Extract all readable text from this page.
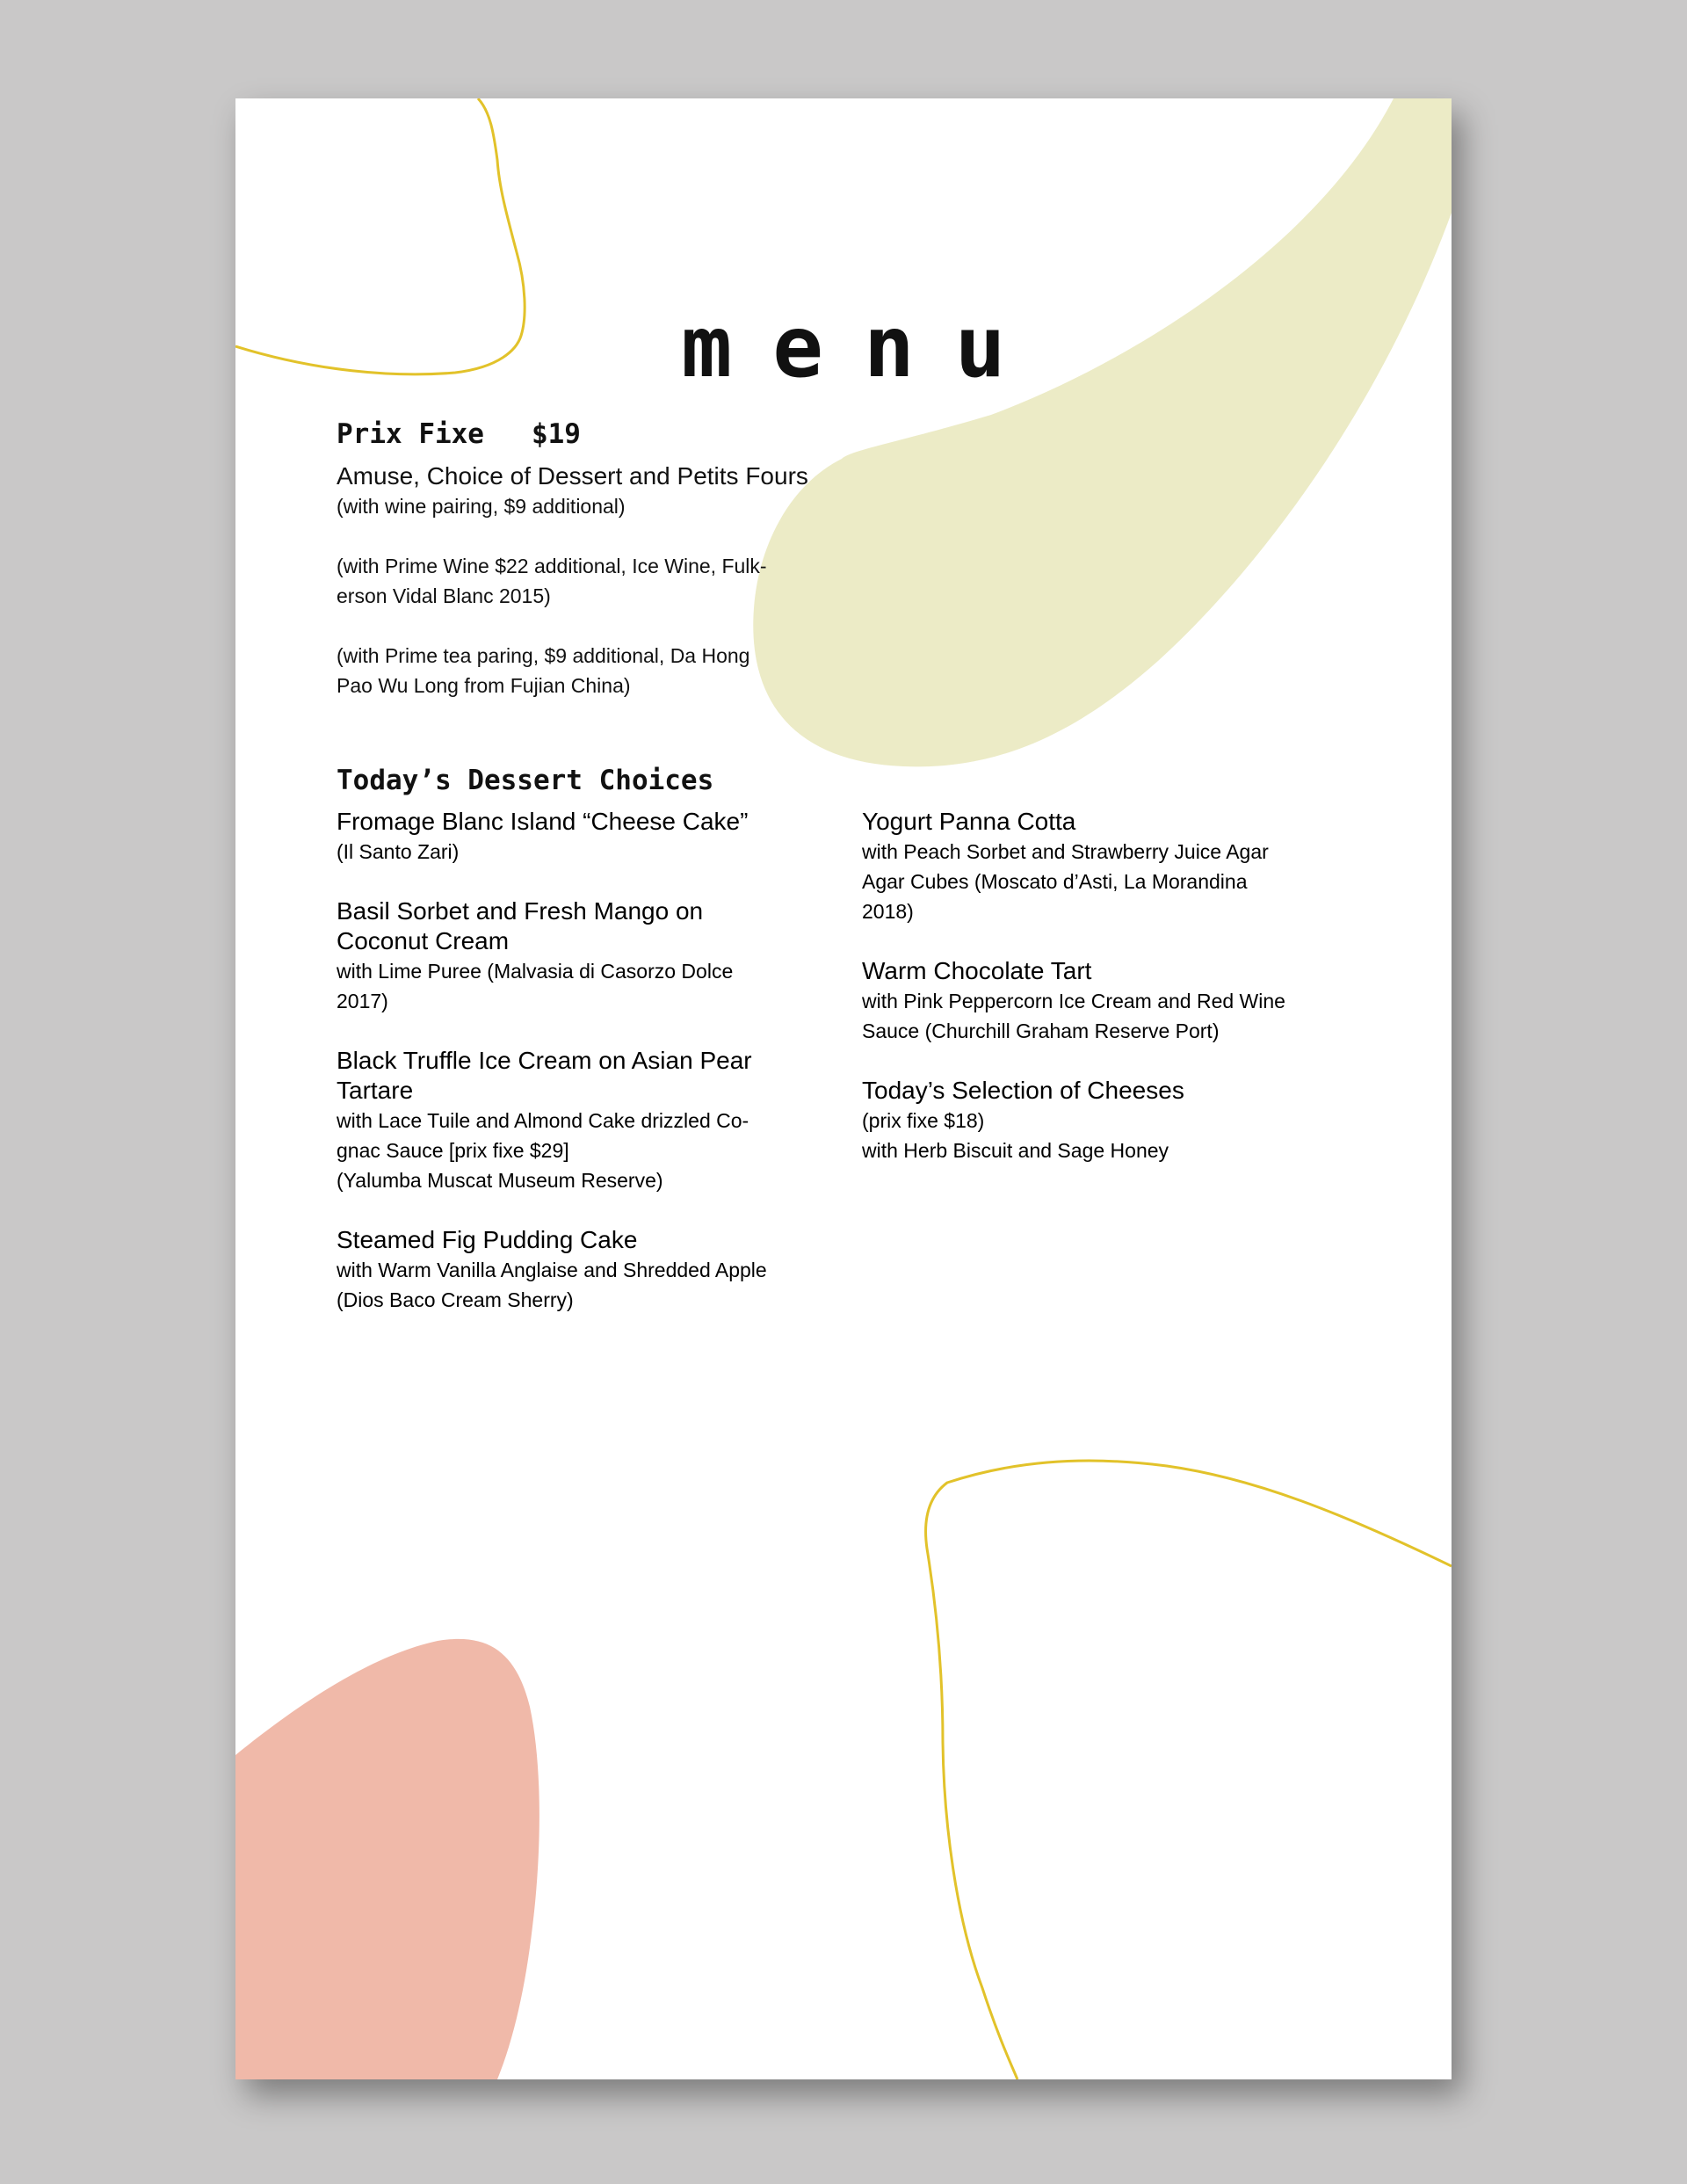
menu
Prix Fixe $19

Amuse, Choice of Dessert and Petits Fours

(with wine pairing, $9 additional)

(with Prime Wine $22 additional, Ice Wine, Fulk-

erson Vidal Blanc 2015)

(with Prime tea paring, $9 additional, Da Hong

Pao Wu Long from Fujian China)

Today’s Dessert Choices

Fromage Blanc Island “Cheese Cake”

(Il Santo Zari)

Basil Sorbet and Fresh Mango on

Coconut Cream

with Lime Puree (Malvasia di Casorzo Dolce

2017)

Black Truffle Ice Cream on Asian Pear

Tartare

with Lace Tuile and Almond Cake drizzled Co-

gnac Sauce [prix fixe $29]

(Yalumba Muscat Museum Reserve)

Steamed Fig Pudding Cake

with Warm Vanilla Anglaise and Shredded Apple

(Dios Baco Cream Sherry)

Yogurt Panna Cotta

with Peach Sorbet and Strawberry Juice Agar

Agar Cubes (Moscato d’Asti, La Morandina

2018)

Warm Chocolate Tart

with Pink Peppercorn Ice Cream and Red Wine

Sauce (Churchill Graham Reserve Port)

Today’s Selection of Cheeses

(prix fixe $18)

with Herb Biscuit and Sage Honey
